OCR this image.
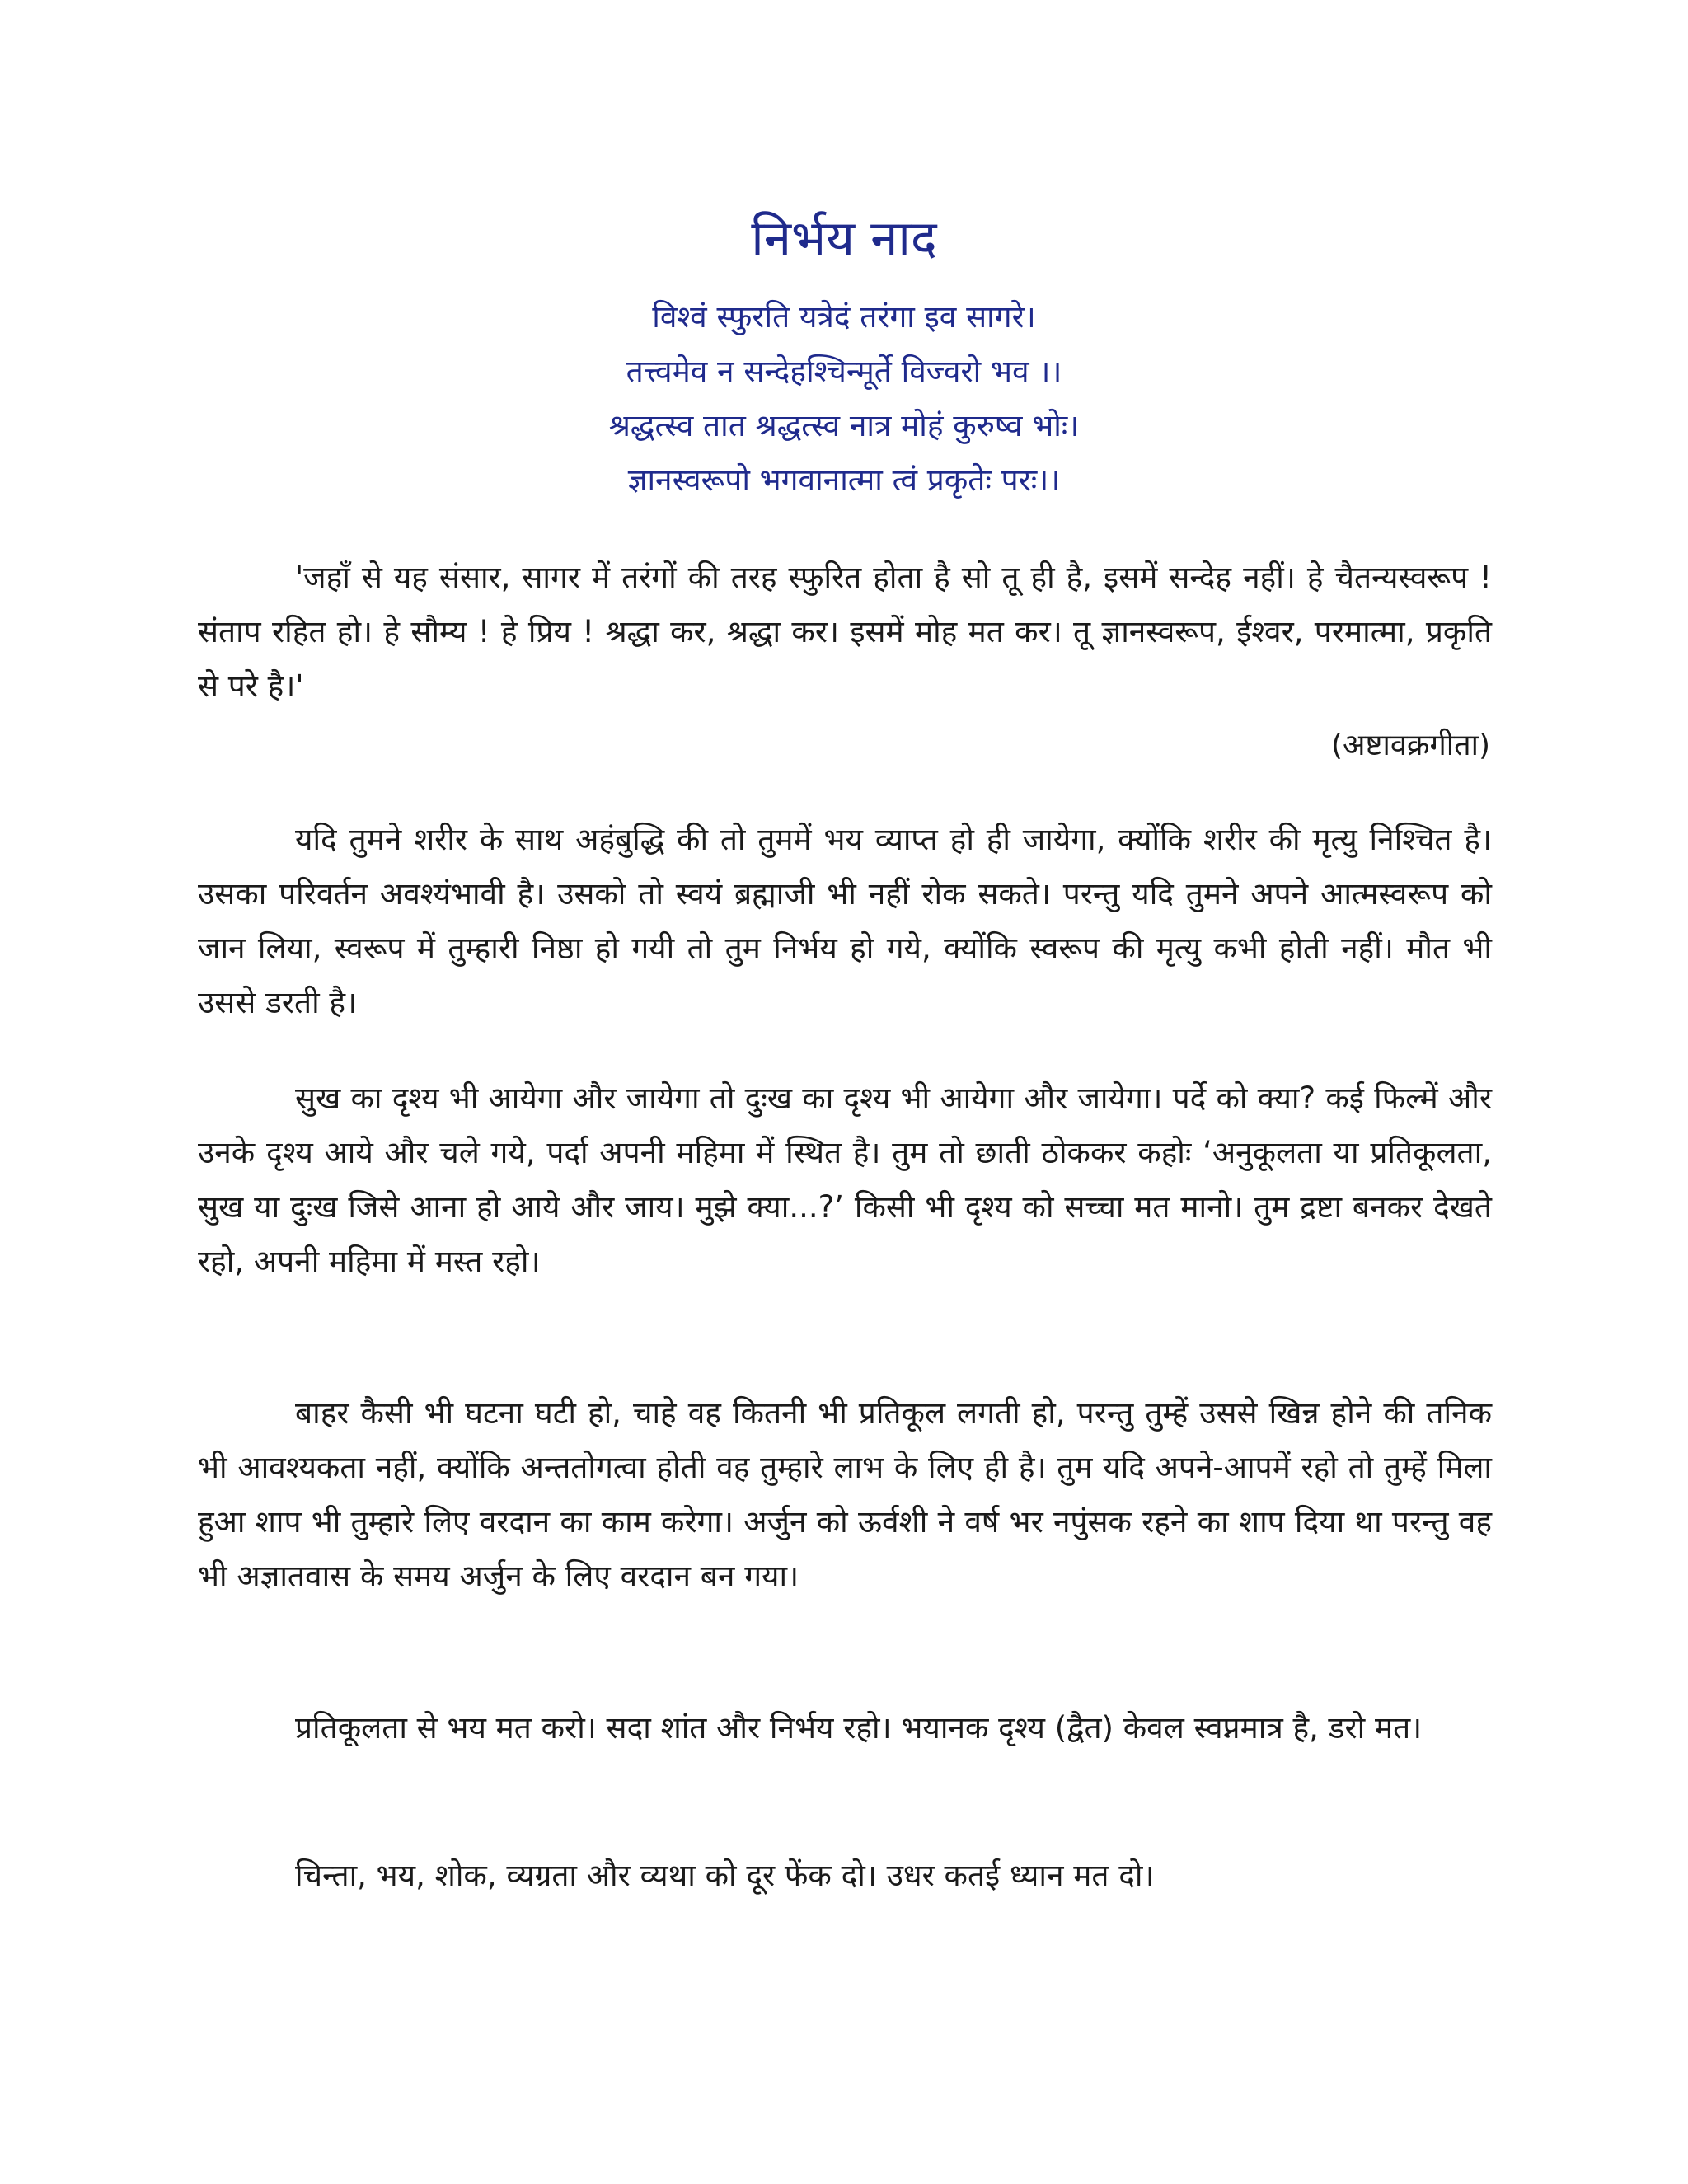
निर्भय नाद
विश्वं स्फुरति यत्रेदं तरंगा इव सागरे।
तत्त्वमेव न सन्देहश्चिन्मूर्ते विज्वरो भव ।।
श्रद्धत्स्व तात श्रद्धत्स्व नात्र मोहं कुरुष्व भोः।
ज्ञानस्वरूपो भगवानात्मा त्वं प्रकृतेः परः।।

'जहाँ से यह संसार, सागर में तरंगों की तरह स्फुरित होता है सो तू ही है, इसमें सन्देह नहीं। हे चैतन्यस्वरूप ! संताप रहित हो। हे सौम्य ! हे प्रिय ! श्रद्धा कर, श्रद्धा कर। इसमें मोह मत कर। तू ज्ञानस्वरूप, ईश्वर, परमात्मा, प्रकृति से परे है।'

(अष्टावक्रगीता)

यदि तुमने शरीर के साथ अहंबुद्धि की तो तुममें भय व्याप्त हो ही जायेगा, क्योंकि शरीर की मृत्यु निश्चित है। उसका परिवर्तन अवश्यंभावी है। उसको तो स्वयं ब्रह्माजी भी नहीं रोक सकते। परन्तु यदि तुमने अपने आत्मस्वरूप को जान लिया, स्वरूप में तुम्हारी निष्ठा हो गयी तो तुम निर्भय हो गये, क्योंकि स्वरूप की मृत्यु कभी होती नहीं। मौत भी उससे डरती है।

सुख का दृश्य भी आयेगा और जायेगा तो दुःख का दृश्य भी आयेगा और जायेगा। पर्दे को क्या? कई फिल्में और उनके दृश्य आये और चले गये, पर्दा अपनी महिमा में स्थित है। तुम तो छाती ठोककर कहोः ‘अनुकूलता या प्रतिकूलता, सुख या दुःख जिसे आना हो आये और जाय। मुझे क्या...?’ किसी भी दृश्य को सच्चा मत मानो। तुम द्रष्टा बनकर देखते रहो, अपनी महिमा में मस्त रहो।

बाहर कैसी भी घटना घटी हो, चाहे वह कितनी भी प्रतिकूल लगती हो, परन्तु तुम्हें उससे खिन्न होने की तनिक भी आवश्यकता नहीं, क्योंकि अन्ततोगत्वा होती वह तुम्हारे लाभ के लिए ही है। तुम यदि अपने-आपमें रहो तो तुम्हें मिला हुआ शाप भी तुम्हारे लिए वरदान का काम करेगा। अर्जुन को ऊर्वशी ने वर्ष भर नपुंसक रहने का शाप दिया था परन्तु वह भी अज्ञातवास के समय अर्जुन के लिए वरदान बन गया।

प्रतिकूलता से भय मत करो। सदा शांत और निर्भय रहो। भयानक दृश्य (द्वैत) केवल स्वप्नमात्र है, डरो मत।

चिन्ता, भय, शोक, व्यग्रता और व्यथा को दूर फेंक दो। उधर कतई ध्यान मत दो।
